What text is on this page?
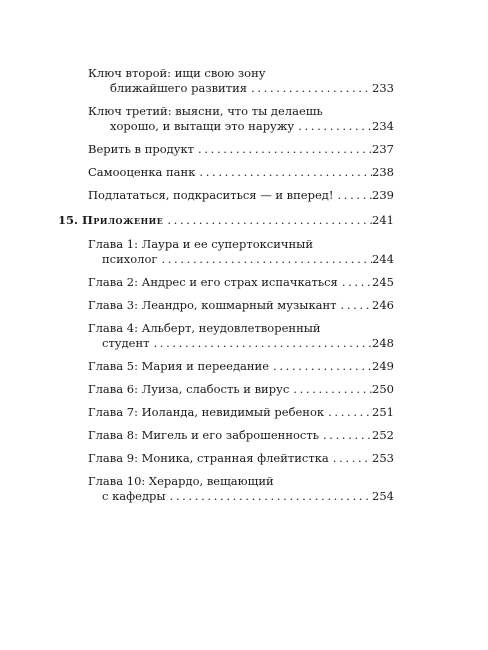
Ключ второй: ищи свою зону
ближайшего развития . . .	233
Ключ третий: выясни, что ты делаешь
хорошо, и вытащи это наружу . . .	234
Верить в продукт . . .	237
Самооценка панк . . .	238
Подлататься, подкраситься — и вперед! . . .	239
15. Приложение . . .	241
Глава 1: Лаура и ее супертоксичный
психолог . . .	244
Глава 2: Андрес и его страх испачкаться . . .	245
Глава 3: Леандро, кошмарный музыкант . . .	246
Глава 4: Альберт, неудовлетворенный
студент . . .	248
Глава 5: Мария и переедание . . .	249
Глава 6: Луиза, слабость и вирус . . .	250
Глава 7: Иоланда, невидимый ребенок . . .	251
Глава 8: Мигель и его заброшенность . . .	252
Глава 9: Моника, странная флейтистка . . .	253
Глава 10: Херардо, вещающий
с кафедры . . .	254
